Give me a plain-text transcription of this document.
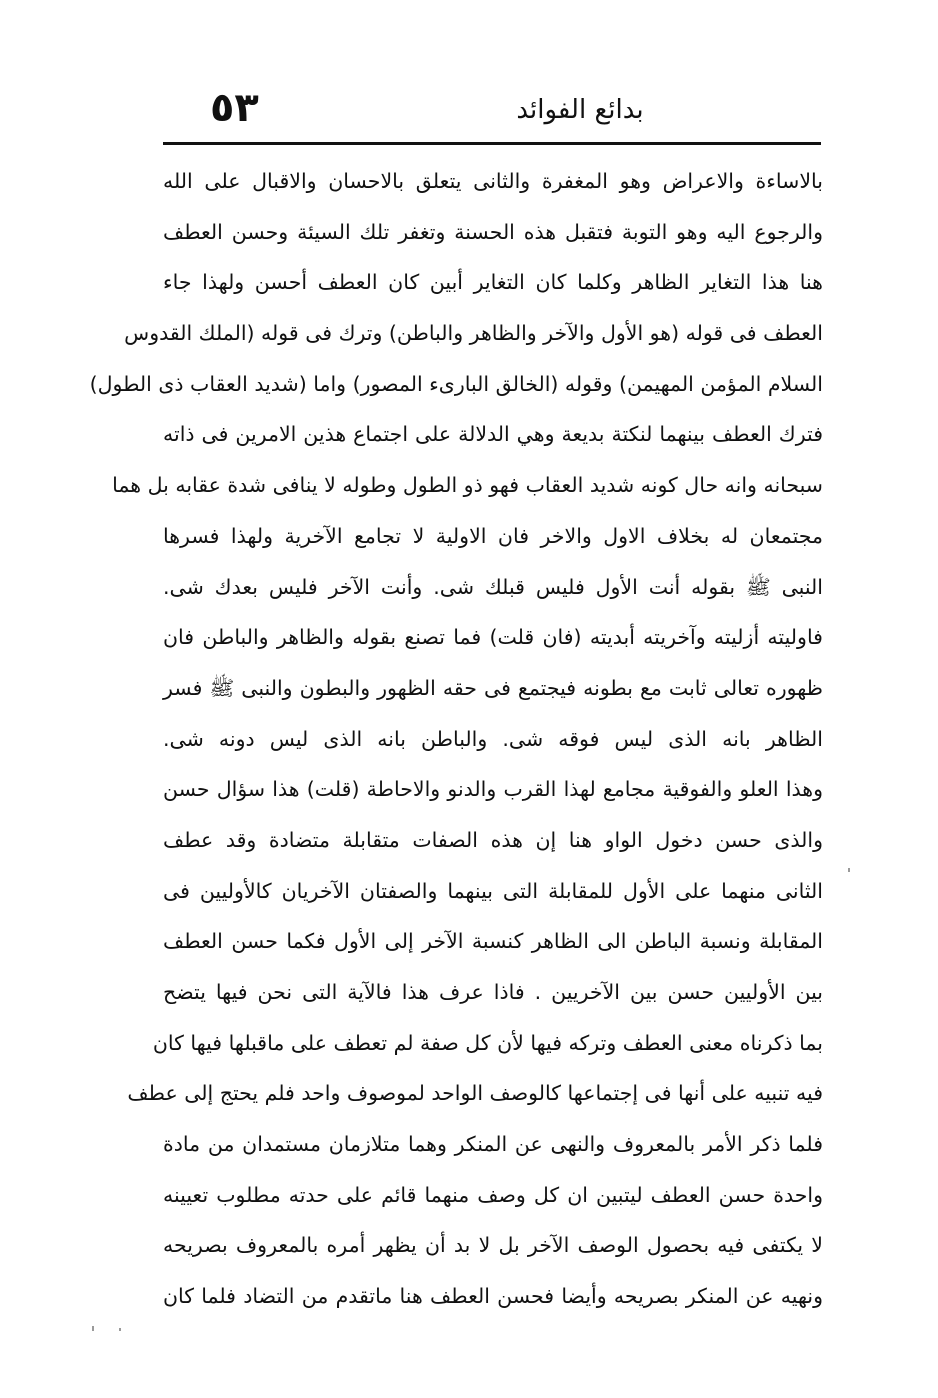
بدائع الفوائد
٥٣
بالاساءة والاعراض وهو المغفرة والثانى يتعلق بالاحسان والاقبال على الله
والرجوع اليه وهو التوبة فتقبل هذه الحسنة وتغفر تلك السيئة وحسن العطف
هنا هذا التغاير الظاهر وكلما كان التغاير أبين كان العطف أحسن ولهذا جاء
العطف فى قوله (هو الأول والآخر والظاهر والباطن) وترك فى قوله (الملك القدوس
السلام المؤمن المهيمن) وقوله (الخالق البارىء المصور) واما (شديد العقاب ذى الطول)
فترك العطف بينهما لنكتة بديعة وهي الدلالة على اجتماع هذين الامرين فى ذاته
سبحانه وانه حال كونه شديد العقاب فهو ذو الطول وطوله لا ينافى شدة عقابه بل هما
مجتمعان له بخلاف الاول والاخر فان الاولية لا تجامع الآخرية ولهذا فسرها
النبى ﷺ بقوله أنت الأول فليس قبلك شى. وأنت الآخر فليس بعدك شى.
فاوليته أزليته وآخريته أبديته (فان قلت) فما تصنع بقوله والظاهر والباطن فان
ظهوره تعالى ثابت مع بطونه فيجتمع فى حقه الظهور والبطون والنبى ﷺ فسر
الظاهر بانه الذى ليس فوقه شى. والباطن بانه الذى ليس دونه شى.
وهذا العلو والفوقية مجامع لهذا القرب والدنو والاحاطة (قلت) هذا سؤال حسن
والذى حسن دخول الواو هنا إن هذه الصفات متقابلة متضادة وقد عطف
الثانى منهما على الأول للمقابلة التى بينهما والصفتان الآخريان كالأوليين فى
المقابلة ونسبة الباطن الى الظاهر كنسبة الآخر إلى الأول فكما حسن العطف
بين الأوليين حسن بين الآخريين . فاذا عرف هذا فالآية التى نحن فيها يتضح
بما ذكرناه معنى العطف وتركه فيها لأن كل صفة لم تعطف على ماقبلها فيها كان
فيه تنبيه على أنها فى إجتماعها كالوصف الواحد لموصوف واحد فلم يحتج إلى عطف
فلما ذكر الأمر بالمعروف والنهى عن المنكر وهما متلازمان مستمدان من مادة
واحدة حسن العطف ليتبين ان كل وصف منهما قائم على حدته مطلوب تعيينه
لا يكتفى فيه بحصول الوصف الآخر بل لا بد أن يظهر أمره بالمعروف بصريحه
ونهيه عن المنكر بصريحه وأيضا فحسن العطف هنا ماتقدم من التضاد فلما كان
